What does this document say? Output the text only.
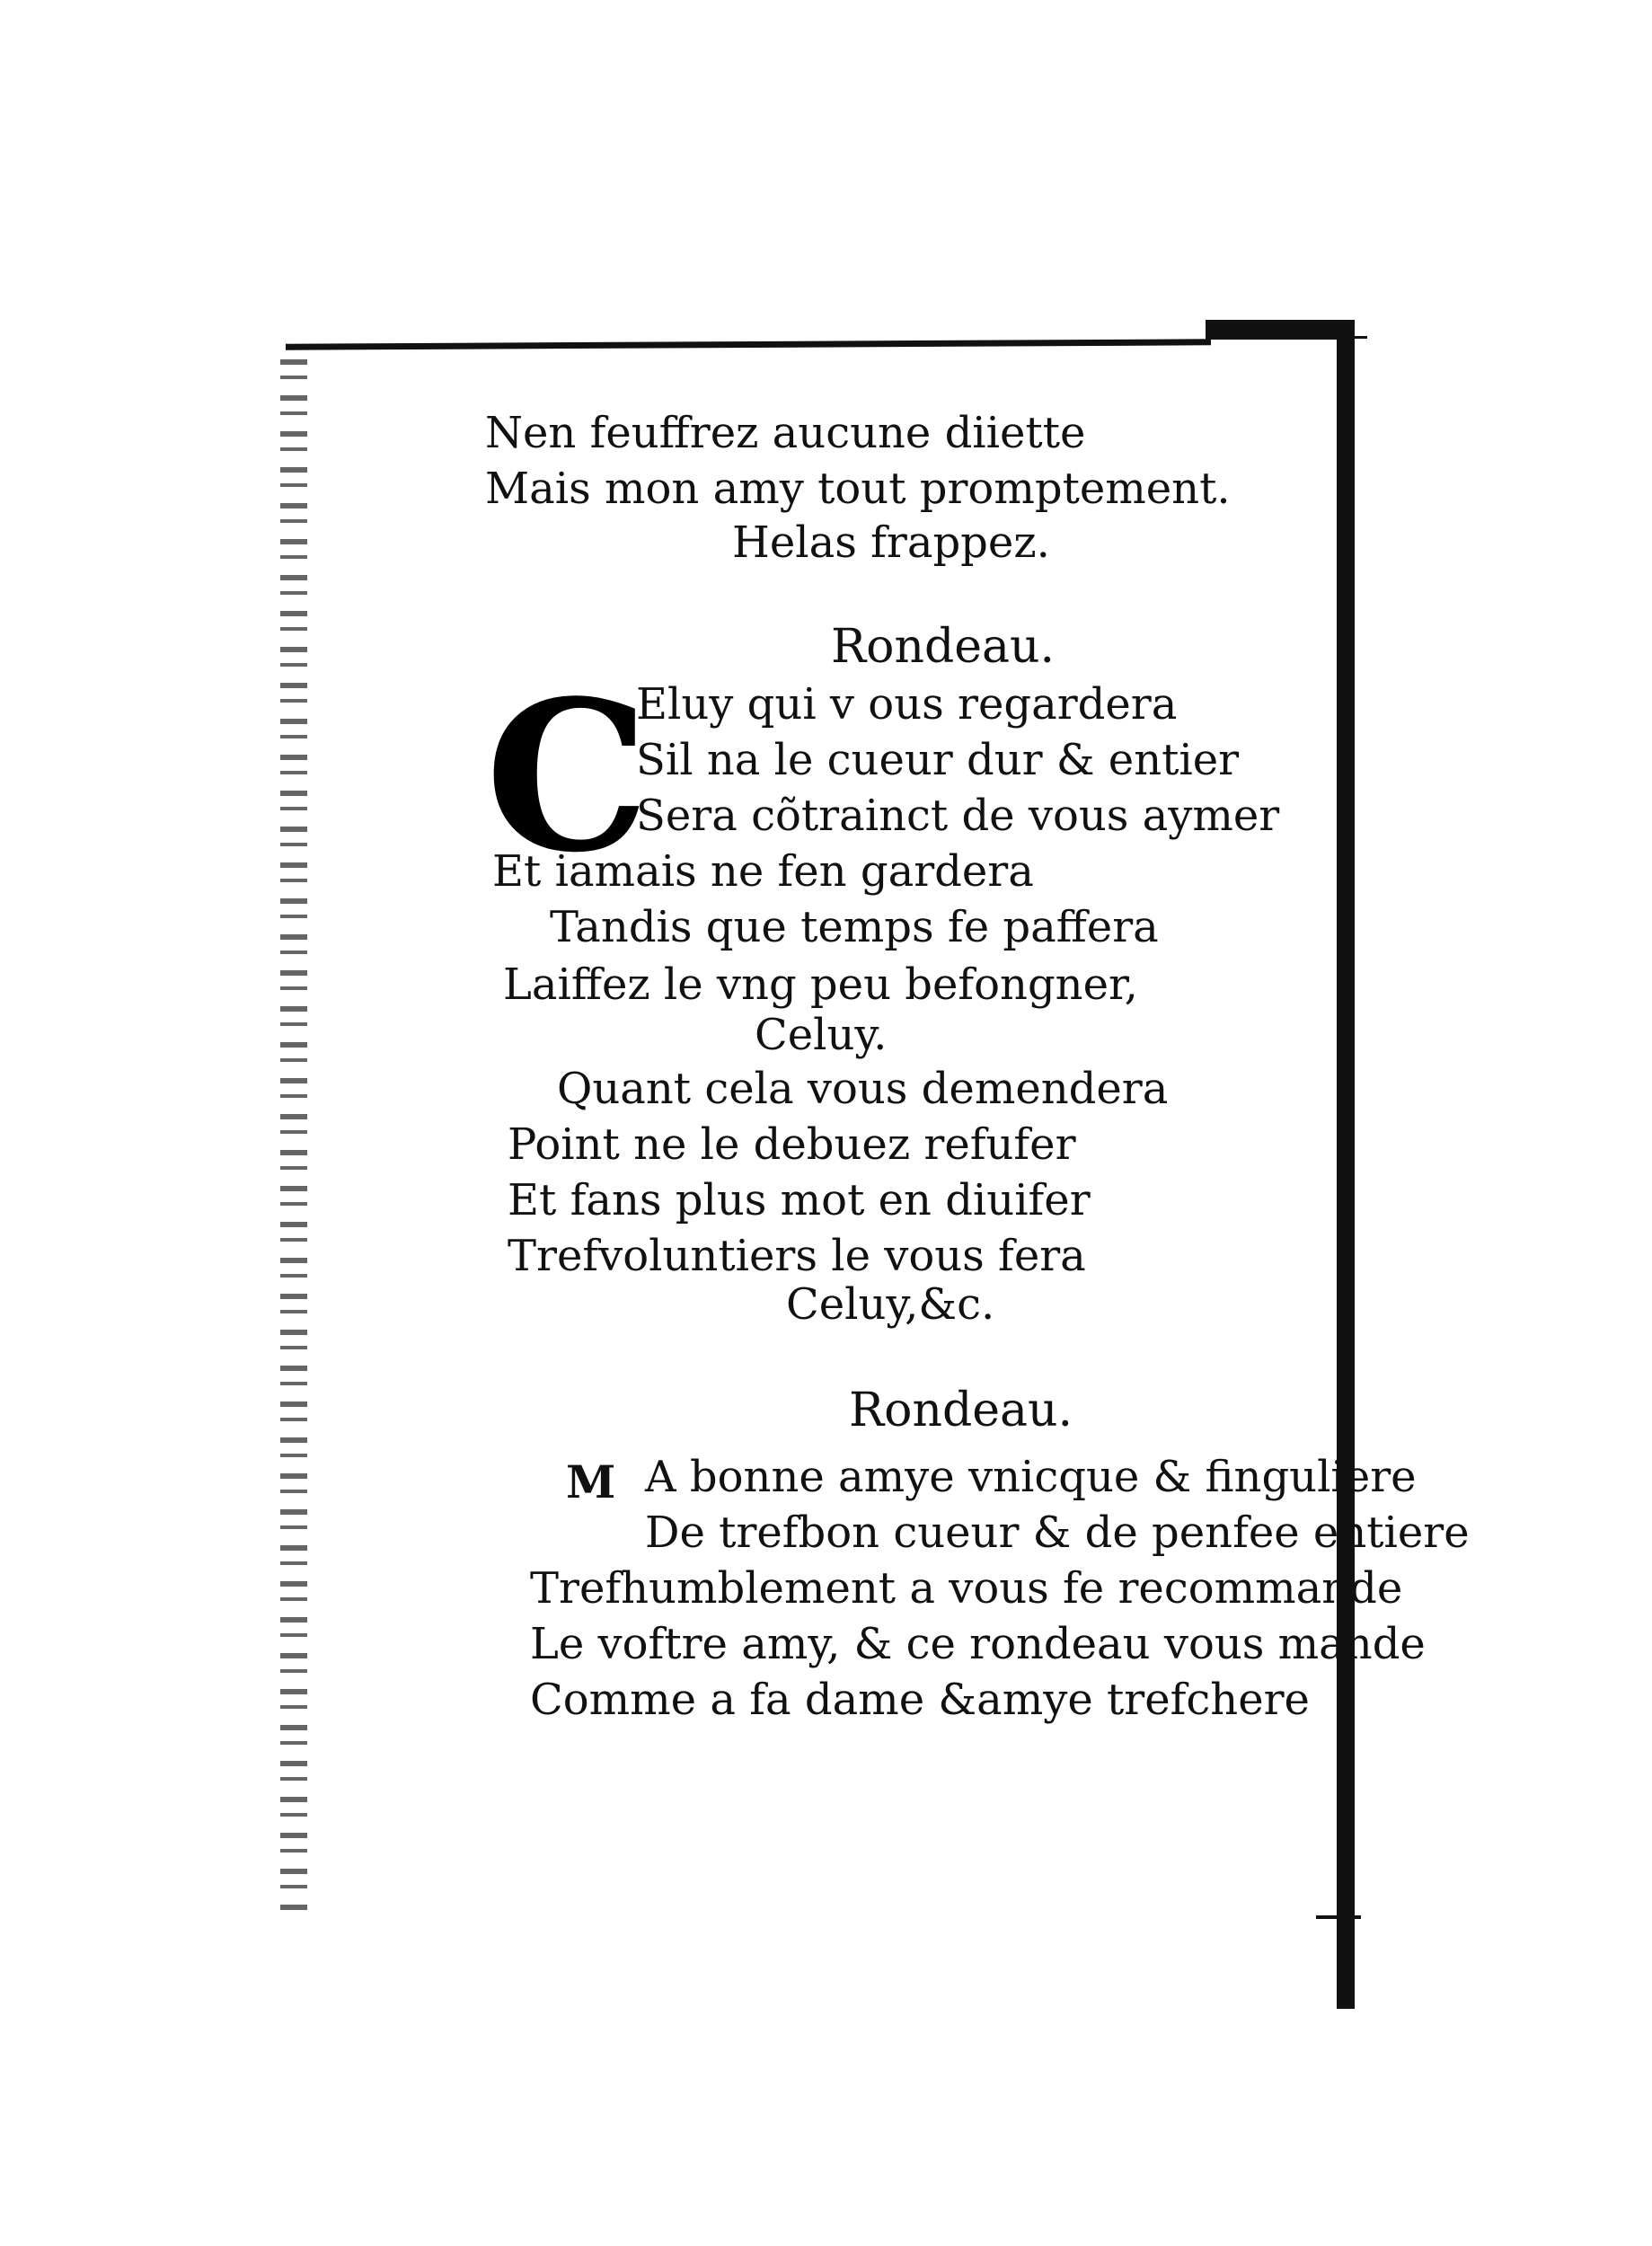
Nen feuffrez aucune diiette
Mais mon amy tout promptement.
Helas frappez.
Rondeau.
C
Eluy qui v ous regardera
Sil na le cueur dur & entier
Sera cõtrainct de vous aymer
Et iamais ne fen gardera
Tandis que temps fe paffera
Laiffez le vng peu befongner,
Celuy.
Quant cela vous demendera
Point ne le debuez refufer
Et fans plus mot en diuifer
Trefvoluntiers le vous fera
Celuy,&c.
Rondeau.
M A bonne amye vnicque & finguliere
De trefbon cueur & de penfee entiere
Trefhumblement a vous fe recommande
Le voftre amy, & ce rondeau vous mande
Comme a fa dame &amye trefchere
